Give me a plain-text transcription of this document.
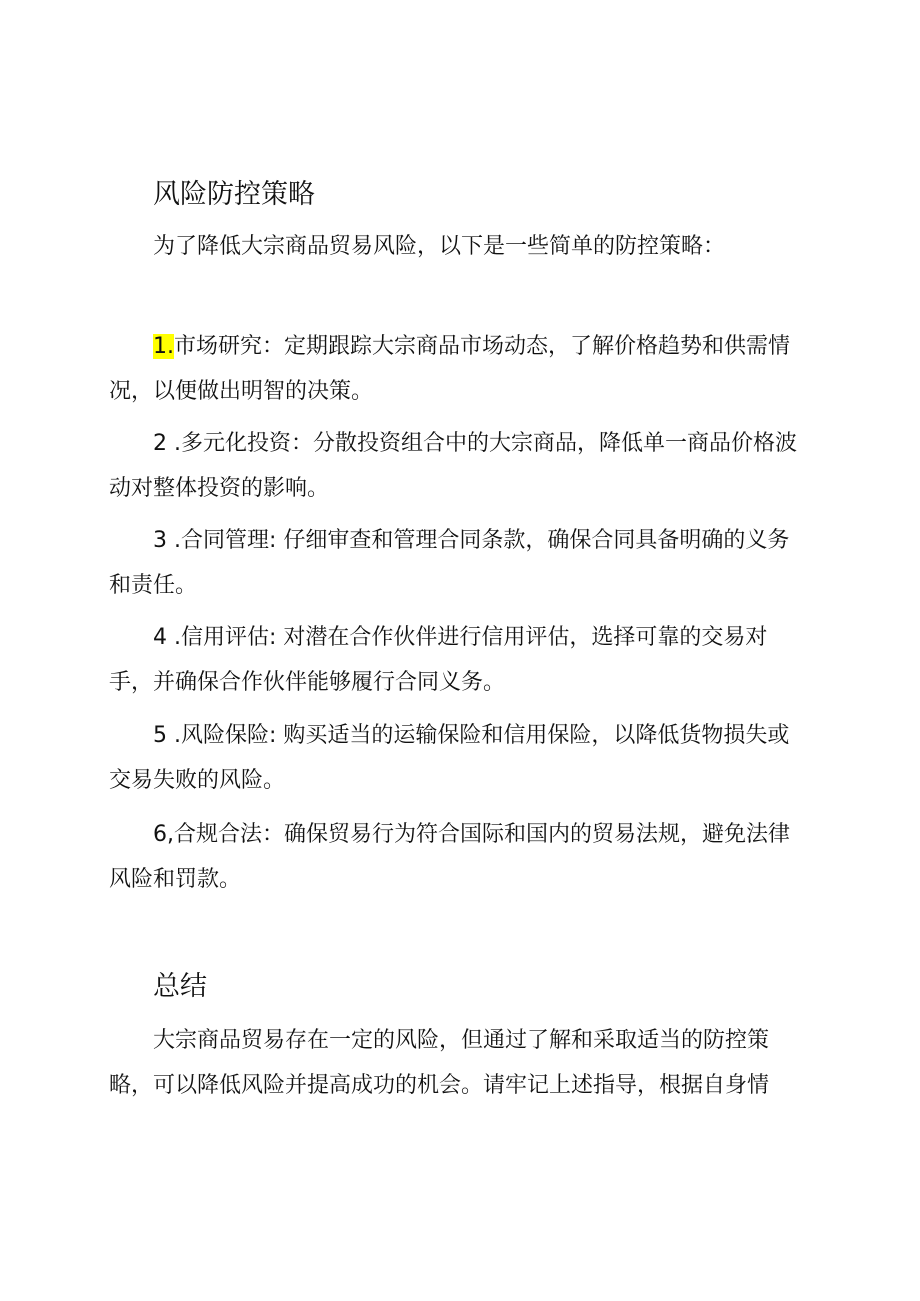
风险防控策略

为了降低大宗商品贸易风险，以下是一些简单的防控策略：

1.市场研究：定期跟踪大宗商品市场动态，了解价格趋势和供需情况，以便做出明智的决策。

2 .多元化投资：分散投资组合中的大宗商品，降低单一商品价格波动对整体投资的影响。

3 .合同管理: 仔细审查和管理合同条款，确保合同具备明确的义务和责任。

4 .信用评估: 对潜在合作伙伴进行信用评估，选择可靠的交易对手，并确保合作伙伴能够履行合同义务。

5 .风险保险: 购买适当的运输保险和信用保险，以降低货物损失或交易失败的风险。

6,合规合法：确保贸易行为符合国际和国内的贸易法规，避免法律风险和罚款。

总结

大宗商品贸易存在一定的风险，但通过了解和采取适当的防控策略，可以降低风险并提高成功的机会。请牢记上述指导，根据自身情
